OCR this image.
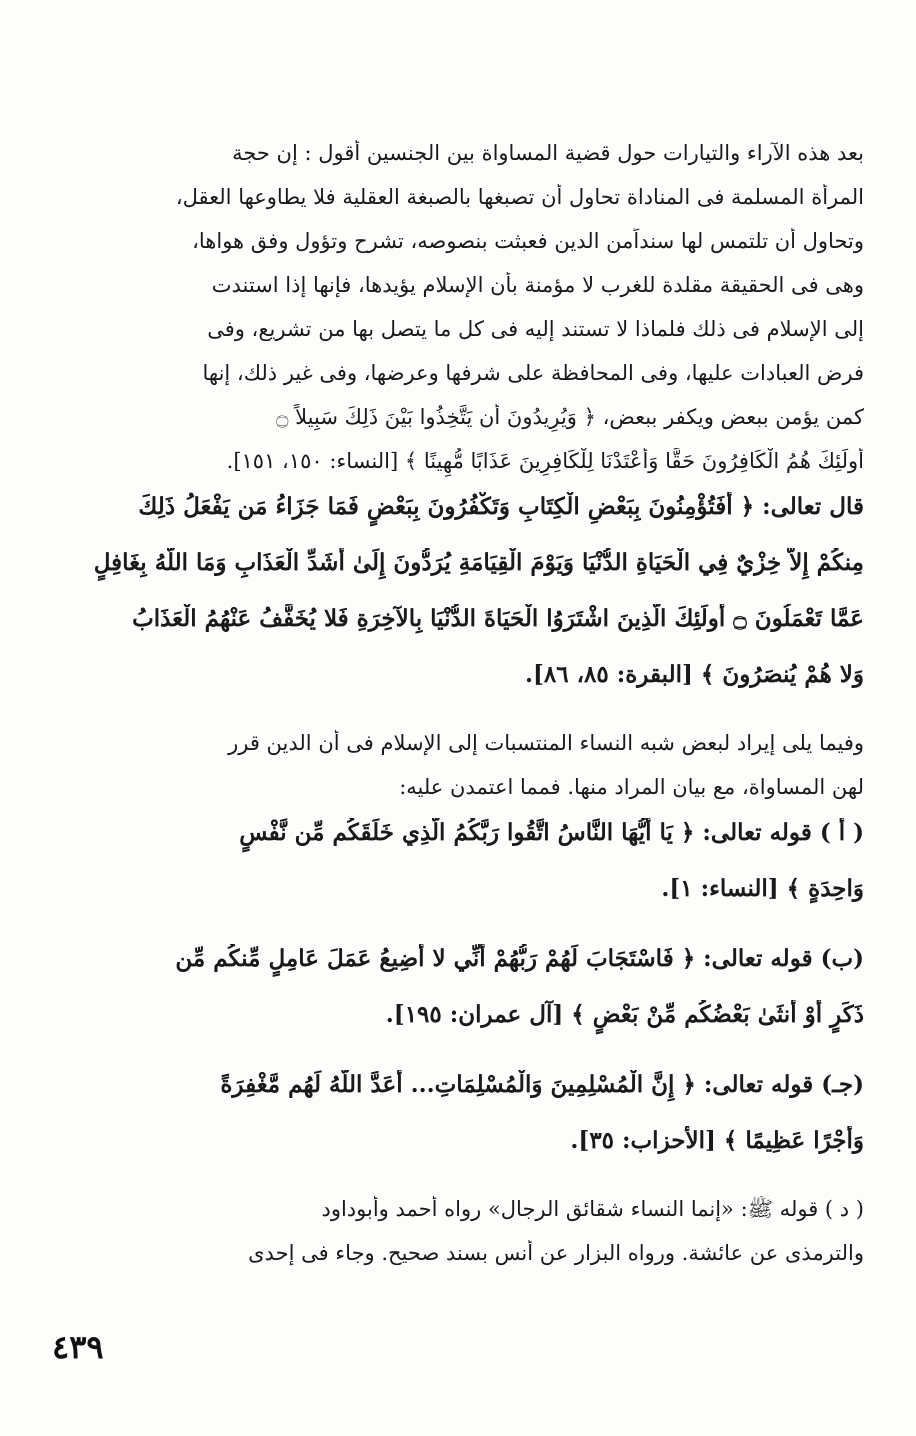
بعد هذه الآراء والتيارات حول قضية المساواة بين الجنسين أقول : إن حجة
المرأة المسلمة فى المناداة تحاول أن تصبغها بالصبغة العقلية فلا يطاوعها العقل،
وتحاول أن تلتمس لها سنداًمن الدين فعبثت بنصوصه، تشرح وتؤول وفق هواها،
وهى فى الحقيقة مقلدة للغرب لا مؤمنة بأن الإسلام يؤيدها، فإنها إذا استندت
إلى الإسلام فى ذلك فلماذا لا تستند إليه فى كل ما يتصل بها من تشريع، وفى
فرض العبادات عليها، وفى المحافظة على شرفها وعرضها، وفى غير ذلك، إنها
كمن يؤمن ببعض ويكفر ببعض، ﴿ وَيُرِيدُونَ أَن يَتَّخِذُوا بَيْنَ ذَلِكَ سَبِيلاً ۝
أُولَئِكَ هُمُ الْكَافِرُونَ حَقًّا وَأَعْتَدْنَا لِلْكَافِرِينَ عَذَابًا مُّهِينًا ﴾ [النساء: ١٥٠، ١٥١].
قال تعالى: ﴿ أَفَتُؤْمِنُونَ بِبَعْضِ الْكِتَابِ وَتَكْفُرُونَ بِبَعْضٍ فَمَا جَزَاءُ مَن يَفْعَلُ ذَلِكَ
مِنكُمْ إِلاَّ خِزْيٌ فِي الْحَيَاةِ الدُّنْيَا وَيَوْمَ الْقِيَامَةِ يُرَدُّونَ إِلَىٰ أَشَدِّ الْعَذَابِ وَمَا اللَّهُ بِغَافِلٍ
عَمَّا تَعْمَلُونَ ۝ أُولَئِكَ الَّذِينَ اشْتَرَوُا الْحَيَاةَ الدُّنْيَا بِالآخِرَةِ فَلا يُخَفَّفُ عَنْهُمُ الْعَذَابُ
وَلا هُمْ يُنصَرُونَ ﴾ [البقرة: ٨٥، ٨٦].
وفيما يلى إيراد لبعض شبه النساء المنتسبات إلى الإسلام فى أن الدين قرر
لهن المساواة، مع بيان المراد منها. فمما اعتمدن عليه:
( أ ) قوله تعالى: ﴿ يَا أَيُّهَا النَّاسُ اتَّقُوا رَبَّكُمُ الَّذِي خَلَقَكُم مِّن نَّفْسٍ
وَاحِدَةٍ ﴾ [النساء: ١].
(ب) قوله تعالى: ﴿ فَاسْتَجَابَ لَهُمْ رَبُّهُمْ أَنِّي لا أُضِيعُ عَمَلَ عَامِلٍ مِّنكُم مِّن
ذَكَرٍ أَوْ أُنثَىٰ بَعْضُكُم مِّنْ بَعْضٍ ﴾ [آل عمران: ١٩٥].
(جـ) قوله تعالى: ﴿ إِنَّ الْمُسْلِمِينَ وَالْمُسْلِمَاتِ... أَعَدَّ اللَّهُ لَهُم مَّغْفِرَةً
وَأَجْرًا عَظِيمًا ﴾ [الأحزاب: ٣٥].
( د ) قوله ﷺ: «إنما النساء شقائق الرجال» رواه أحمد وأبوداود
والترمذى عن عائشة. ورواه البزار عن أنس بسند صحيح. وجاء فى إحدى
٤٣٩
